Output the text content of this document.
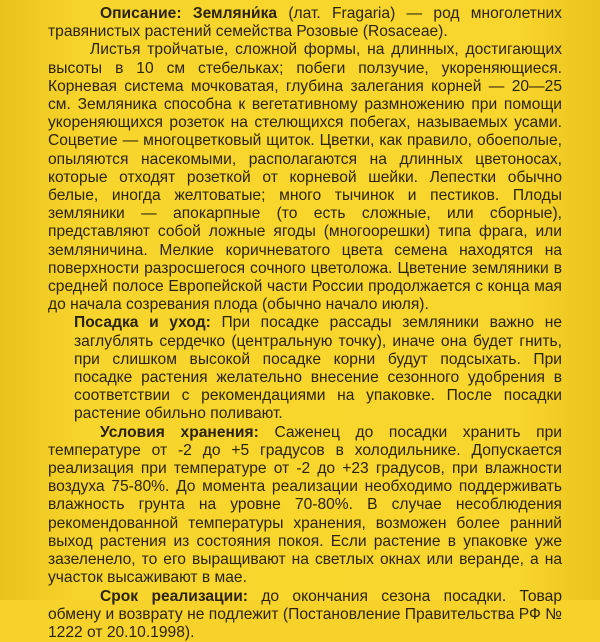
Описание: Земляни́ка (лат. Fragaria) — род многолетних травянистых растений семейства Розовые (Rosaceae).

Листья тройчатые, сложной формы, на длинных, достигающих высоты в 10 см стебельках; побеги ползучие, укореняющиеся. Корневая система мочковатая, глубина залегания корней — 20—25 см. Земляника способна к вегетативному размножению при помощи укореняющихся розеток на стелющихся побегах, называемых усами. Соцветие — многоцветковый щиток. Цветки, как правило, обоеполые, опыляются насекомыми, располагаются на длинных цветоносах, которые отходят розеткой от корневой шейки. Лепестки обычно белые, иногда желтоватые; много тычинок и пестиков. Плоды земляники — апокарпные (то есть сложные, или сборные), представляют собой ложные ягоды (многоорешки) типа фрага, или земляничина. Мелкие коричневатого цвета семена находятся на поверхности разросшегося сочного цветоложа. Цветение земляники в средней полосе Европейской части России продолжается с конца мая до начала созревания плода (обычно начало июля).

Посадка и уход: При посадке рассады земляники важно не заглублять сердечко (центральную точку), иначе она будет гнить, при слишком высокой посадке корни будут подсыхать. При посадке растения желательно внесение сезонного удобрения в соответствии с рекомендациями на упаковке. После посадки растение обильно поливают.

Условия хранения: Саженец до посадки хранить при температуре от -2 до +5 градусов в холодильнике. Допускается реализация при температуре от -2 до +23 градусов, при влажности воздуха 75-80%. До момента реализации необходимо поддерживать влажность грунта на уровне 70-80%. В случае несоблюдения рекомендованной температуры хранения, возможен более ранний выход растения из состояния покоя. Если растение в упаковке уже зазеленело, то его выращивают на светлых окнах или веранде, а на участок высаживают в мае.

Срок реализации: до окончания сезона посадки. Товар обмену и возврату не подлежит (Постановление Правительства РФ № 1222 от 20.10.1998).
